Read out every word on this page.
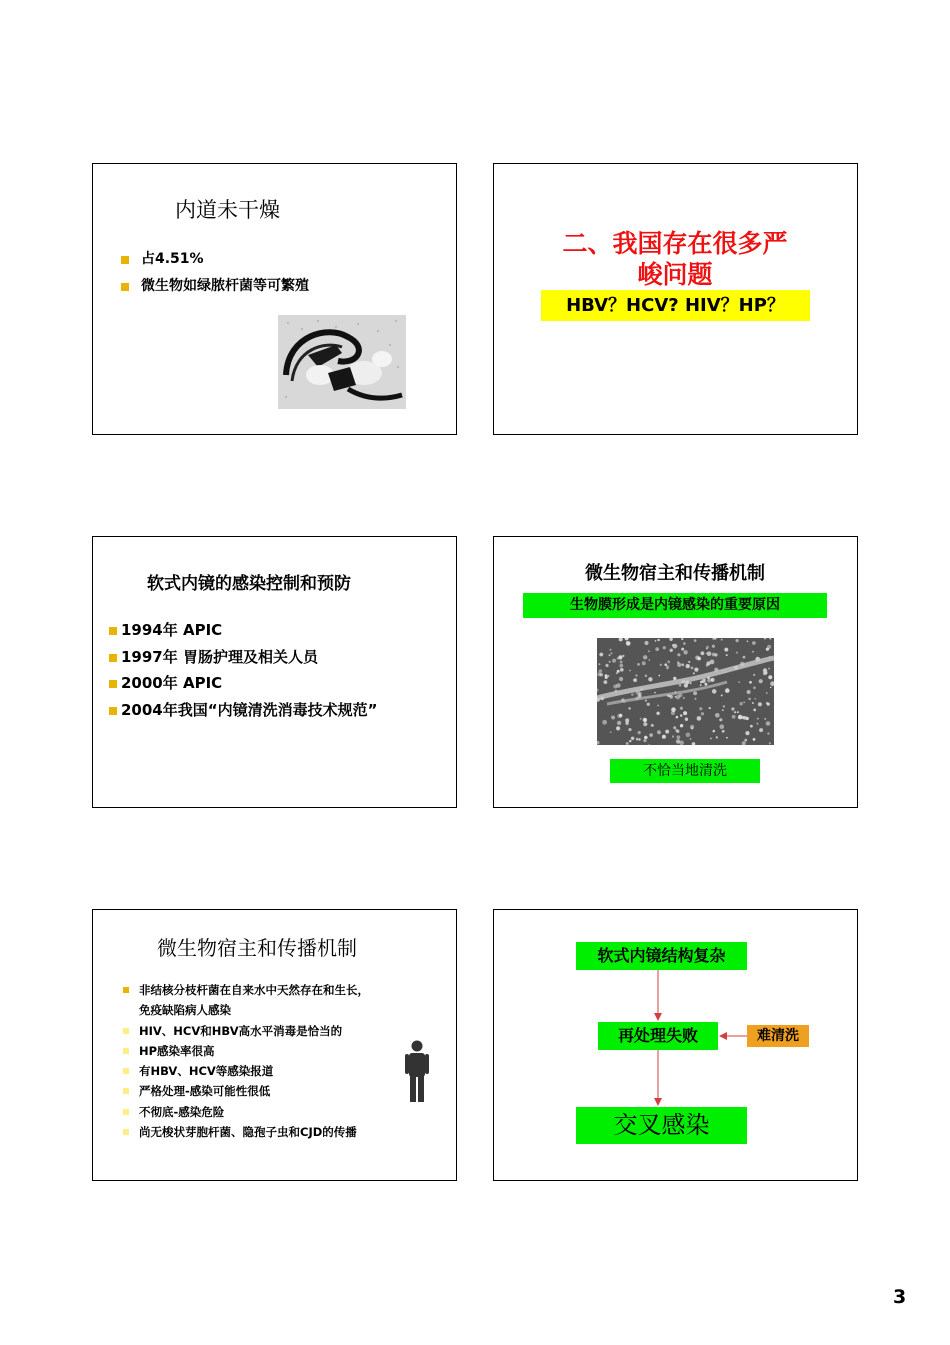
内道未干燥
占4.51%
微生物如绿脓杆菌等可繁殖
二、我国存在很多严
峻问题
HBV？HCV? HIV？HP？
软式内镜的感染控制和预防
1994年 APIC
1997年 胃肠护理及相关人员
2000年 APIC
2004年我国“内镜清洗消毒技术规范”
微生物宿主和传播机制
生物膜形成是内镜感染的重要原因
不恰当地清洗
微生物宿主和传播机制
非结核分枝杆菌在自来水中天然存在和生长，
免疫缺陷病人感染
HIV、HCV和HBV高水平消毒是恰当的
HP感染率很高
有HBV、HCV等感染报道
严格处理-感染可能性很低
不彻底-感染危险
尚无梭状芽胞杆菌、隐孢子虫和CJD的传播
软式内镜结构复杂
再处理失败	难清洗
交叉感染
3
